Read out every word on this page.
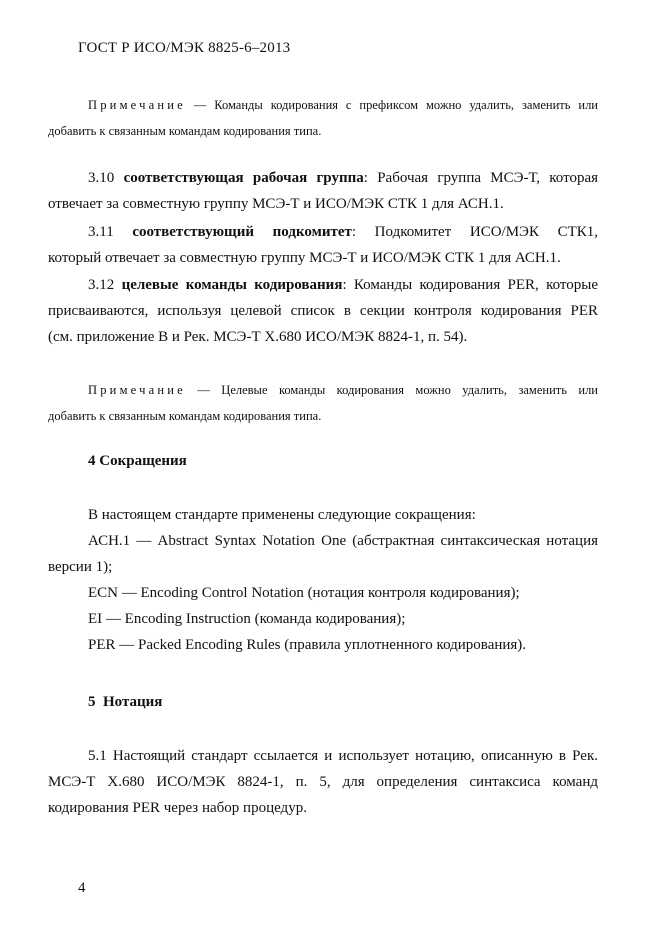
ГОСТ Р ИСО/МЭК 8825-6–2013
Примечание — Команды кодирования с префиксом можно удалить, заменить или
добавить к связанным командам кодирования типа.
3.10 соответствующая рабочая группа: Рабочая группа МСЭ-Т, которая
отвечает за совместную группу МСЭ-Т и ИСО/МЭК СТК 1 для АСН.1.
3.11 соответствующий подкомитет: Подкомитет ИСО/МЭК СТК1,
который отвечает за совместную группу МСЭ-Т и ИСО/МЭК СТК 1 для АСН.1.
3.12 целевые команды кодирования: Команды кодирования PER, которые
присваиваются, используя целевой список в секции контроля кодирования PER
(см. приложение В и Рек. МСЭ-Т X.680 ИСО/МЭК 8824-1, п. 54).
Примечание — Целевые команды кодирования можно удалить, заменить или
добавить к связанным командам кодирования типа.
4 Сокращения
В настоящем стандарте применены следующие сокращения:
АСН.1 — Abstract Syntax Notation One (абстрактная синтаксическая нотация
версии 1);
ECN — Encoding Control Notation (нотация контроля кодирования);
EI — Encoding Instruction (команда кодирования);
PER — Packed Encoding Rules (правила уплотненного кодирования).
5  Нотация
5.1 Настоящий стандарт ссылается и использует нотацию, описанную в Рек.
МСЭ-Т X.680 ИСО/МЭК 8824-1, п. 5, для определения синтаксиса команд
кодирования PER через набор процедур.
4
